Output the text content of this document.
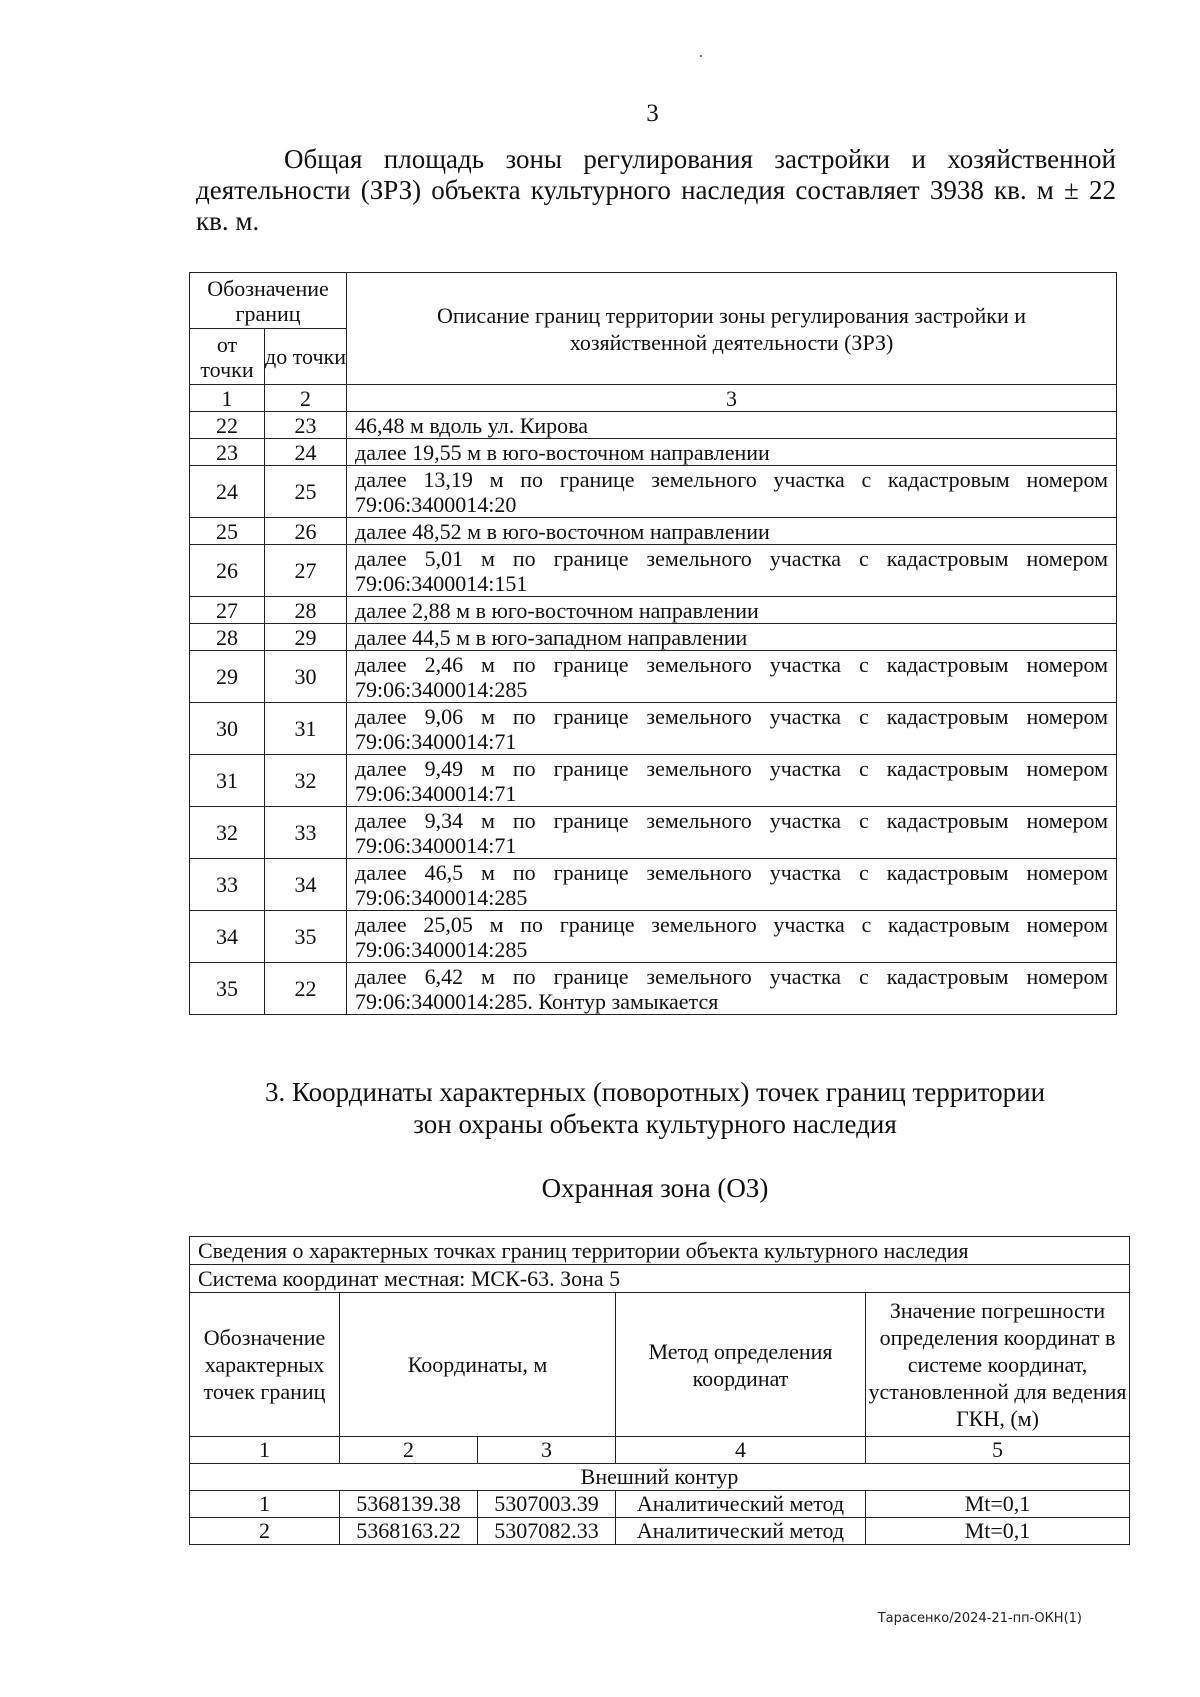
3

Общая площадь зоны регулирования застройки и хозяйственной деятельности (ЗРЗ) объекта культурного наследия составляет 3938 кв. м ± 22 кв. м.

Обозначение границ		Описание границ территории зоны регулирования застройки и хозяйственной деятельности (ЗРЗ)
от точки	до точки	
1	2	3
22	23	46,48 м вдоль ул. Кирова
23	24	далее 19,55 м в юго-восточном направлении
24	25	далее 13,19 м по границе земельного участка с кадастровым номером 79:06:3400014:20
25	26	далее 48,52 м в юго-восточном направлении
26	27	далее 5,01 м по границе земельного участка с кадастровым номером 79:06:3400014:151
27	28	далее 2,88 м в юго-восточном направлении
28	29	далее 44,5 м в юго-западном направлении
29	30	далее 2,46 м по границе земельного участка с кадастровым номером 79:06:3400014:285
30	31	далее 9,06 м по границе земельного участка с кадастровым номером 79:06:3400014:71
31	32	далее 9,49 м по границе земельного участка с кадастровым номером 79:06:3400014:71
32	33	далее 9,34 м по границе земельного участка с кадастровым номером 79:06:3400014:71
33	34	далее 46,5 м по границе земельного участка с кадастровым номером 79:06:3400014:285
34	35	далее 25,05 м по границе земельного участка с кадастровым номером 79:06:3400014:285
35	22	далее 6,42 м по границе земельного участка с кадастровым номером 79:06:3400014:285. Контур замыкается
3. Координаты характерных (поворотных) точек границ территории
зон охраны объекта культурного наследия
Охранная зона (ОЗ)
Сведения о характерных точках границ территории объекта культурного наследия				
Система координат местная: МСК-63. Зона 5				
Обозначение характерных точек границ	Координаты, м		Метод определения координат	Значение погрешности определения координат в системе координат, установленной для ведения ГКН, (м)
1	2	3	4	5
Внешний контур				
1	5368139.38	5307003.39	Аналитический метод	Mt=0,1
2	5368163.22	5307082.33	Аналитический метод	Mt=0,1
Тарасенко/2024-21-пп-ОКН(1)
